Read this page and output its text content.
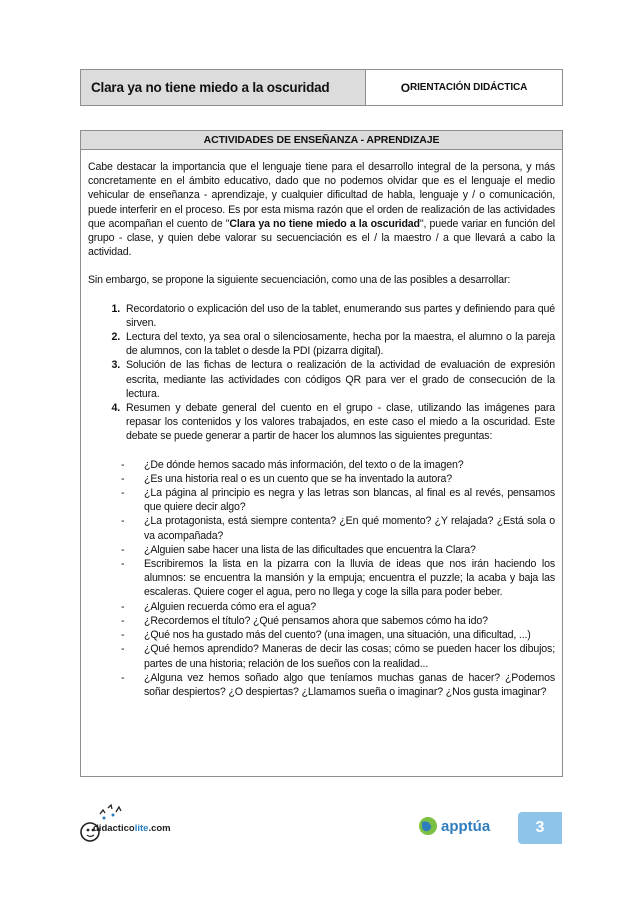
Clara ya no tiene miedo a la oscuridad	O RIENTACIÓN DIDÁCTICA
ACTIVIDADES DE ENSEÑANZA - APRENDIZAJE

Cabe destacar la importancia que el lenguaje tiene para el desarrollo integral de la persona, y más concretamente en el ámbito educativo, dado que no podemos olvidar que es el lenguaje el medio vehicular de enseñanza - aprendizaje, y cualquier dificultad de habla, lenguaje y / o comunicación, puede interferir en el proceso. Es por esta misma razón que el orden de realización de las actividades que acompañan el cuento de "Clara ya no tiene miedo a la oscuridad", puede variar en función del grupo - clase, y quien debe valorar su secuenciación es el / la maestro / a que llevará a cabo la actividad.

Sin embargo, se propone la siguiente secuenciación, como una de las posibles a desarrollar:

1. Recordatorio o explicación del uso de la tablet, enumerando sus partes y definiendo para qué sirven.
2. Lectura del texto, ya sea oral o silenciosamente, hecha por la maestra, el alumno o la pareja de alumnos, con la tablet o desde la PDI (pizarra digital).
3. Solución de las fichas de lectura o realización de la actividad de evaluación de expresión escrita, mediante las actividades con códigos QR para ver el grado de consecución de la lectura.
4. Resumen y debate general del cuento en el grupo - clase, utilizando las imágenes para repasar los contenidos y los valores trabajados, en este caso el miedo a la oscuridad. Este debate se puede generar a partir de hacer los alumnos las siguientes preguntas:
-	¿De dónde hemos sacado más información, del texto o de la imagen?
-	¿Es una historia real o es un cuento que se ha inventado la autora?
-	¿La página al principio es negra y las letras son blancas, al final es al revés, pensamos que quiere decir algo?
-	¿La protagonista, está siempre contenta? ¿En qué momento? ¿Y relajada? ¿Está sola o va acompañada?
-	¿Alguien sabe hacer una lista de las dificultades que encuentra la Clara?
-	Escribiremos la lista en la pizarra con la lluvia de ideas que nos irán haciendo los alumnos: se encuentra la mansión y la empuja; encuentra el puzzle; la acaba y baja las escaleras. Quiere coger el agua, pero no llega y coge la silla para poder beber.
-	¿Alguien recuerda cómo era el agua?
-	¿Recordemos el título? ¿Qué pensamos ahora que sabemos cómo ha ido?
-	¿Qué nos ha gustado más del cuento? (una imagen, una situación, una dificultad, ...)
-	¿Qué hemos aprendido? Maneras de decir las cosas; cómo se pueden hacer los dibujos; partes de una historia; relación de los sueños con la realidad...
-	¿Alguna vez hemos soñado algo que teníamos muchas ganas de hacer? ¿Podemos soñar despiertos? ¿O despiertas? ¿Llamamos sueña o imaginar? ¿Nos gusta imaginar?
didacticolite.com	apptúa	3
